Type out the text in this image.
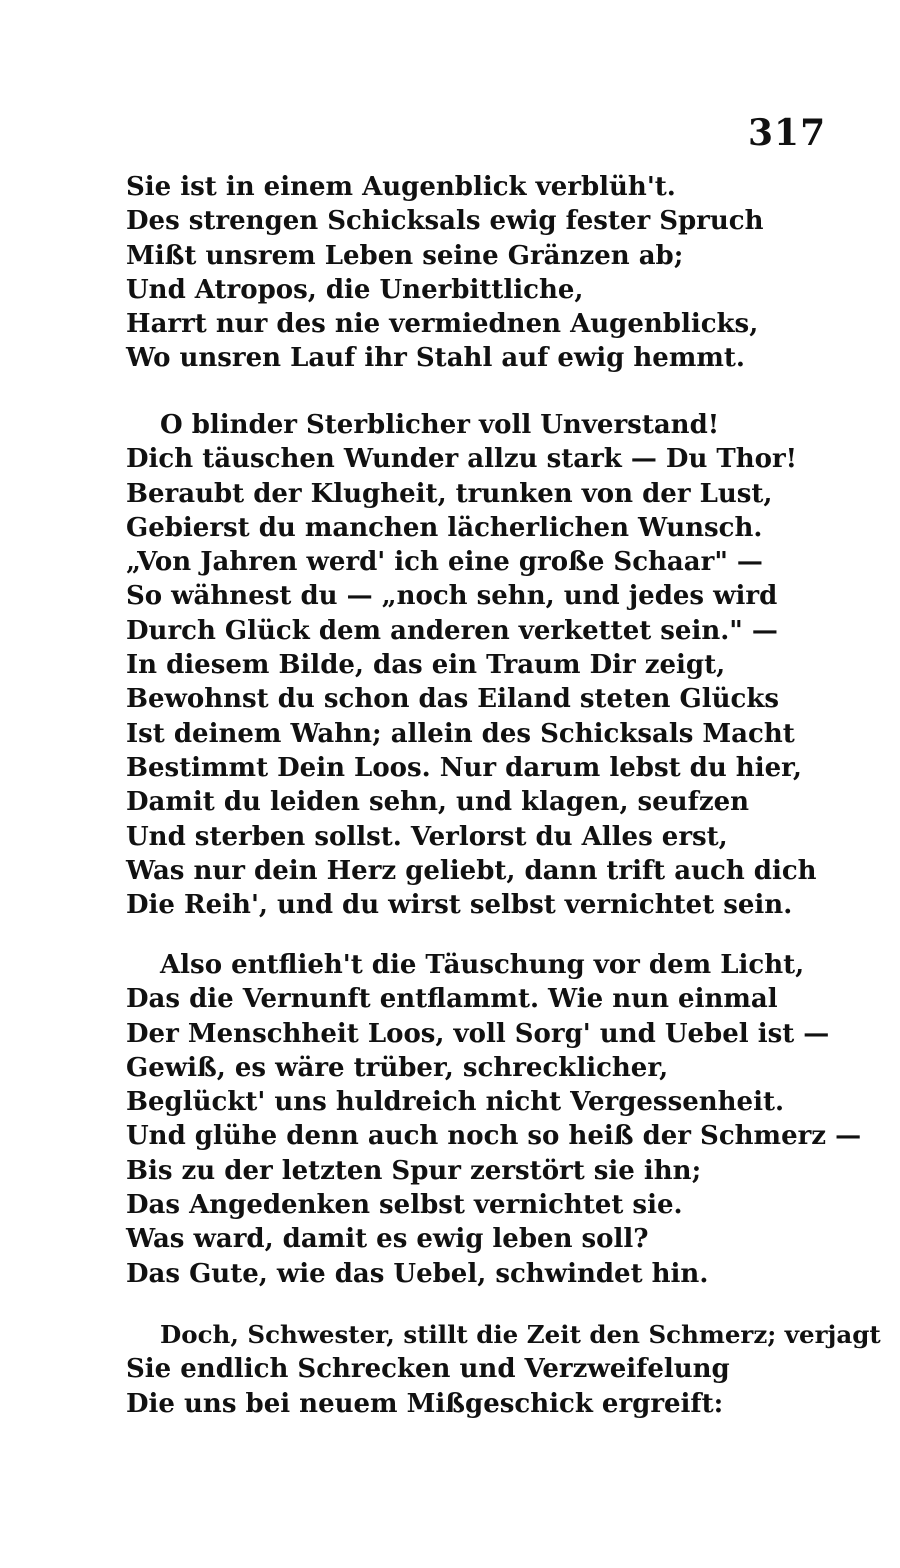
317
Sie ist in einem Augenblick verblüh't.
Des strengen Schicksals ewig fester Spruch
Mißt unsrem Leben seine Gränzen ab;
Und Atropos, die Unerbittliche,
Harrt nur des nie vermiednen Augenblicks,
Wo unsren Lauf ihr Stahl auf ewig hemmt.
O blinder Sterblicher voll Unverstand!
Dich täuschen Wunder allzu stark — Du Thor!
Beraubt der Klugheit, trunken von der Lust,
Gebierst du manchen lächerlichen Wunsch.
„Von Jahren werd' ich eine große Schaar" —
So wähnest du — „noch sehn, und jedes wird
Durch Glück dem anderen verkettet sein." —
In diesem Bilde, das ein Traum Dir zeigt,
Bewohnst du schon das Eiland steten Glücks
Ist deinem Wahn; allein des Schicksals Macht
Bestimmt Dein Loos. Nur darum lebst du hier,
Damit du leiden sehn, und klagen, seufzen
Und sterben sollst. Verlorst du Alles erst,
Was nur dein Herz geliebt, dann trift auch dich
Die Reih', und du wirst selbst vernichtet sein.
Also entflieh't die Täuschung vor dem Licht,
Das die Vernunft entflammt. Wie nun einmal
Der Menschheit Loos, voll Sorg' und Uebel ist —
Gewiß, es wäre trüber, schrecklicher,
Beglückt' uns huldreich nicht Vergessenheit.
Und glühe denn auch noch so heiß der Schmerz —
Bis zu der letzten Spur zerstört sie ihn;
Das Angedenken selbst vernichtet sie.
Was ward, damit es ewig leben soll?
Das Gute, wie das Uebel, schwindet hin.
Doch, Schwester, stillt die Zeit den Schmerz; verjagt
Sie endlich Schrecken und Verzweifelung
Die uns bei neuem Mißgeschick ergreift:
